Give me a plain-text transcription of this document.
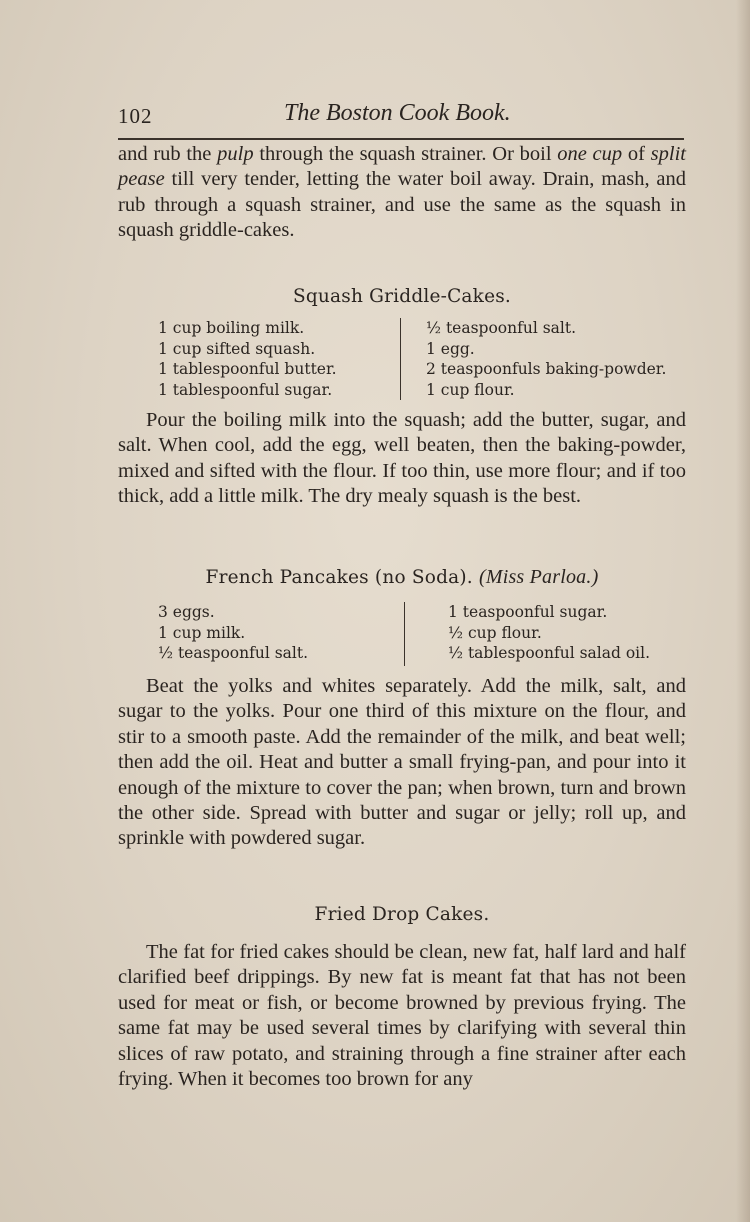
102	The Boston Cook Book.

and rub the pulp through the squash strainer. Or boil one cup of split pease till very tender, letting the water boil away. Drain, mash, and rub through a squash strainer, and use the same as the squash in squash griddle-cakes.

Squash Griddle-Cakes.
1 cup boiling milk.
1 cup sifted squash.
1 tablespoonful butter.
1 tablespoonful sugar.
½ teaspoonful salt.
1 egg.
2 teaspoonfuls baking-powder.
1 cup flour.

Pour the boiling milk into the squash; add the butter, sugar, and salt. When cool, add the egg, well beaten, then the baking-powder, mixed and sifted with the flour. If too thin, use more flour; and if too thick, add a little milk. The dry mealy squash is the best.

French Pancakes (no Soda). (Miss Parloa.)
3 eggs.
1 cup milk.
½ teaspoonful salt.
1 teaspoonful sugar.
½ cup flour.
½ tablespoonful salad oil.

Beat the yolks and whites separately. Add the milk, salt, and sugar to the yolks. Pour one third of this mixture on the flour, and stir to a smooth paste. Add the remainder of the milk, and beat well; then add the oil. Heat and butter a small frying-pan, and pour into it enough of the mixture to cover the pan; when brown, turn and brown the other side. Spread with butter and sugar or jelly; roll up, and sprinkle with powdered sugar.

Fried Drop Cakes.

The fat for fried cakes should be clean, new fat, half lard and half clarified beef drippings. By new fat is meant fat that has not been used for meat or fish, or become browned by previous frying. The same fat may be used several times by clarifying with several thin slices of raw potato, and straining through a fine strainer after each frying. When it becomes too brown for any
